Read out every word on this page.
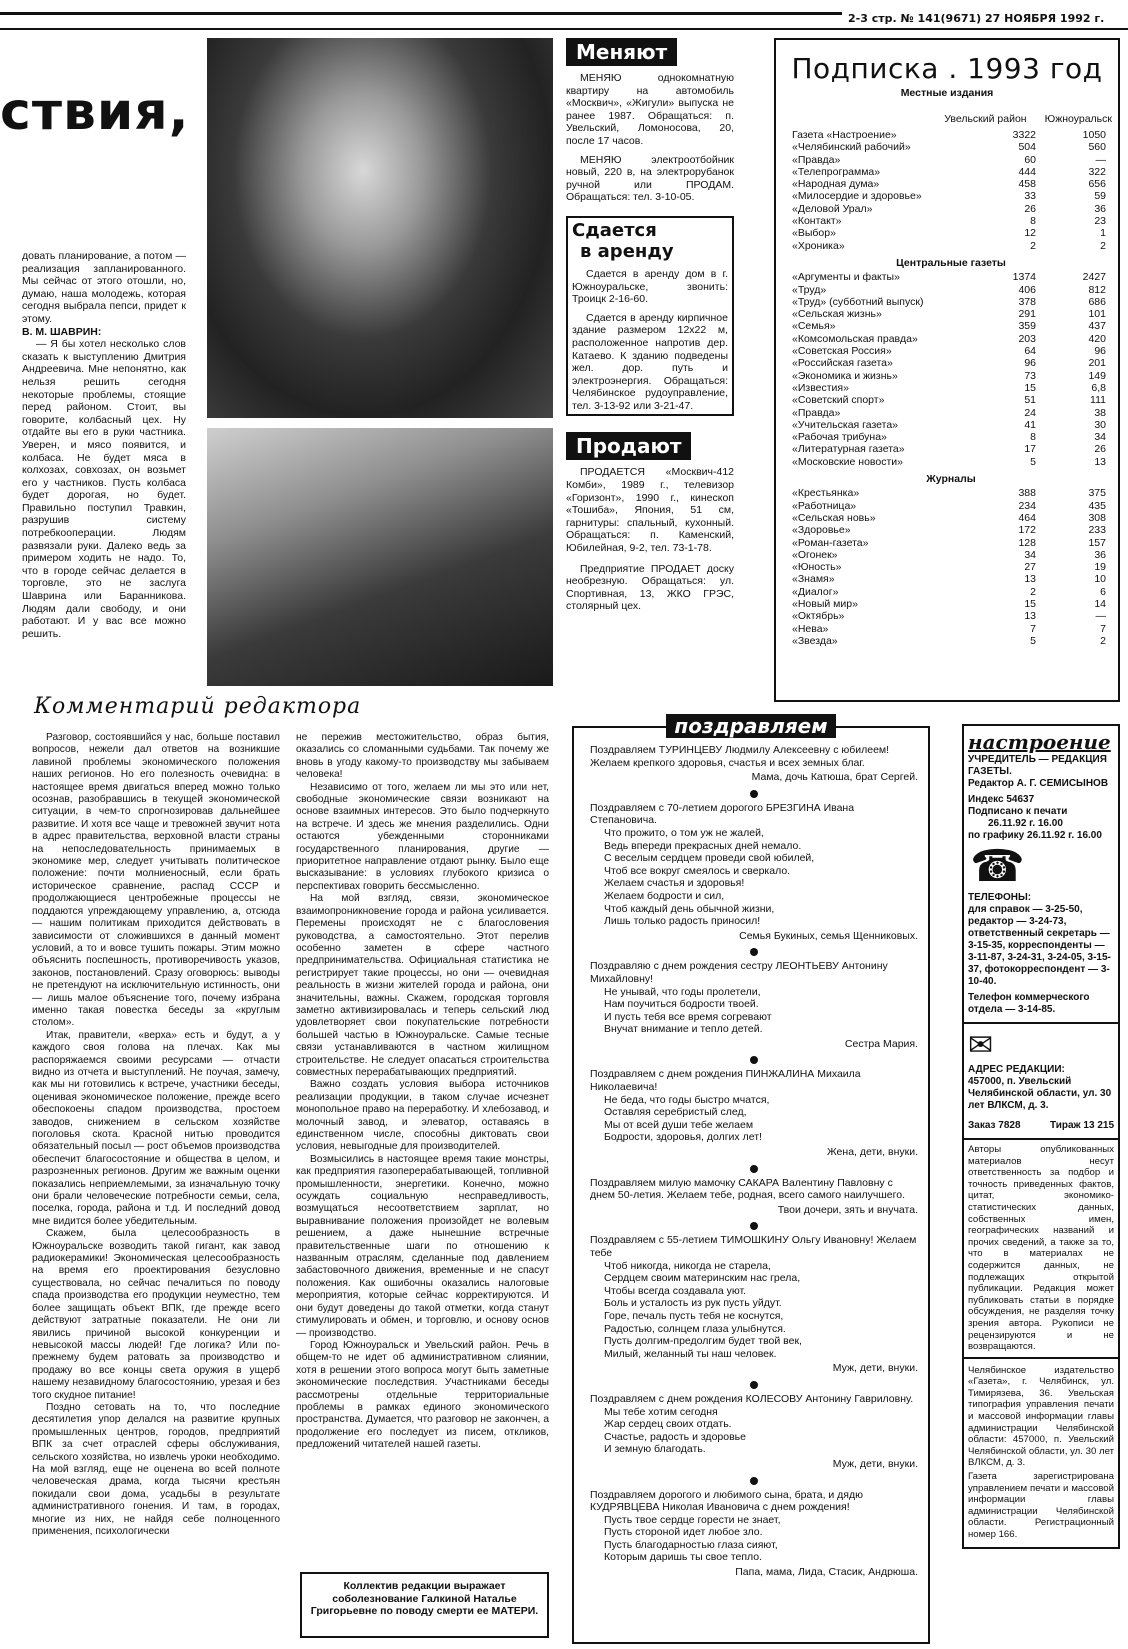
2-3 стр. № 141(9671) 27 НОЯБРЯ 1992 г.
ствия,

довать планирование, а потом — реализация запланированного. Мы сейчас от этого отошли, но, думаю, наша молодежь, которая сегодня выбрала пепси, придет к этому.

В. М. ШАВРИН:

— Я бы хотел несколько слов сказать к выступлению Дмитрия Андреевича. Мне непонятно, как нельзя решить сегодня некоторые проблемы, стоящие перед районом. Стоит, вы говорите, колбасный цех. Ну отдайте вы его в руки частника. Уверен, и мясо появится, и колбаса. Не будет мяса в колхозах, совхозах, он возьмет его у частников. Пусть колбаса будет дорогая, но будет. Правильно поступил Травкин, разрушив систему потребкооперации. Людям развязали руки. Далеко ведь за примером ходить не надо. То, что в городе сейчас делается в торговле, это не заслуга Шаврина или Баранникова. Людям дали свободу, и они работают. И у вас все можно решить.

Комментарий редактора

Разговор, состоявшийся у нас, больше поставил вопросов, нежели дал ответов на возникшие лавиной проблемы экономического положения наших регионов. Но его полезность очевидна: в настоящее время двигаться вперед можно только осознав, разобравшись в текущей экономической ситуации, в чем-то спрогнозировав дальнейшее развитие. И хотя все чаще и тревожней звучит нота в адрес правительства, верховной власти страны на непоследовательность принимаемых в экономике мер, следует учитывать политическое положение: почти молниеносный, если брать историческое сравнение, распад СССР и продолжающиеся центробежные процессы не поддаются упреждающему управлению, а, отсюда — нашим политикам приходится действовать в зависимости от сложившихся в данный момент условий, а то и вовсе тушить пожары. Этим можно объяснить поспешность, противоречивость указов, законов, постановлений. Сразу оговорюсь: выводы не претендуют на исключительную истинность, они — лишь малое объяснение того, почему избрана именно такая повестка беседы за «круглым столом».

Итак, правители, «верха» есть и будут, а у каждого своя голова на плечах. Как мы распоряжаемся своими ресурсами — отчасти видно из отчета и выступлений. Не поучая, замечу, как мы ни готовились к встрече, участники беседы, оценивая экономическое положение, прежде всего обеспокоены спадом производства, простоем заводов, снижением в сельском хозяйстве поголовья скота. Красной нитью проводится обязательный посыл — рост объемов производства обеспечит благосостояние и общества в целом, и разрозненных регионов. Другим же важным оценки показались неприемлемыми, за изначальную точку они брали человеческие потребности семьи, села, поселка, города, района и т.д. И последний довод мне видится более убедительным.

Скажем, была целесообразность в Южноуральске возводить такой гигант, как завод радиокерамики! Экономическая целесообразность на время его проектирования безусловно существовала, но сейчас печалиться по поводу спада производства его продукции неуместно, тем более защищать объект ВПК, где прежде всего действуют затратные показатели. Не они ли явились причиной высокой конкуренции и невысокой массы людей! Где логика? Или по-прежнему будем ратовать за производство и продажу во все концы света оружия в ущерб нашему незавидному благосостоянию, урезая и без того скудное питание!

Поздно сетовать на то, что последние десятилетия упор делался на развитие крупных промышленных центров, городов, предприятий ВПК за счет отраслей сферы обслуживания, сельского хозяйства, но извлечь уроки необходимо. На мой взгляд, еще не оценена во всей полноте человеческая драма, когда тысячи крестьян покидали свои дома, усадьбы в результате административного гонения. И там, в городах, многие из них, не найдя себе полноценного применения, психологически

не пережив местожительство, образ бытия, оказались со сломанными судьбами. Так почему же вновь в угоду какому-то производству мы забываем человека!

Независимо от того, желаем ли мы это или нет, свободные экономические связи возникают на основе взаимных интересов. Это было подчеркнуто на встрече. И здесь же мнения разделились. Одни остаются убежденными сторонниками государственного планирования, другие — приоритетное направление отдают рынку. Было еще высказывание: в условиях глубокого кризиса о перспективах говорить бессмысленно.

На мой взгляд, связи, экономическое взаимопроникновение города и района усиливается. Перемены происходят не с благословения руководства, а самостоятельно. Этот перелив особенно заметен в сфере частного предпринимательства. Официальная статистика не регистрирует такие процессы, но они — очевидная реальность в жизни жителей города и района, они значительны, важны. Скажем, городская торговля заметно активизировалась и теперь сельский люд удовлетворяет свои покупательские потребности большей частью в Южноуральске. Самые тесные связи устанавливаются в частном жилищном строительстве. Не следует опасаться строительства совместных перерабатывающих предприятий.

Важно создать условия выбора источников реализации продукции, в таком случае исчезнет монопольное право на переработку. И хлебозавод, и молочный завод, и элеватор, оставаясь в единственном числе, способны диктовать свои условия, невыгодные для производителей.

Возмысились в настоящее время такие монстры, как предприятия газоперерабатывающей, топливной промышленности, энергетики. Конечно, можно осуждать социальную несправедливость, возмущаться несоответствием зарплат, но выравнивание положения произойдет не волевым решением, а даже нынешние встречные правительственные шаги по отношению к названным отраслям, сделанные под давлением забастовочного движения, временные и не спасут положения. Как ошибочны оказались налоговые мероприятия, которые сейчас корректируются. И они будут доведены до такой отметки, когда станут стимулировать и обмен, и торговлю, и основу основ — производство.

Город Южноуральск и Увельский район. Речь в общем-то не идет об административном слиянии, хотя в решении этого вопроса могут быть заметные экономические последствия. Участниками беседы рассмотрены отдельные территориальные проблемы в рамках единого экономического пространства. Думается, что разговор не закончен, а продолжение его последует из писем, откликов, предложений читателей нашей газеты.

Коллектив редакции выражает соболезнование Галкиной Наталье Григорьевне по поводу смерти ее МАТЕРИ.
Меняют

МЕНЯЮ однокомнатную квартиру на автомобиль «Москвич», «Жигули» выпуска не ранее 1987. Обращаться: п. Увельский, Ломоносова, 20, после 17 часов.

МЕНЯЮ электроотбойник новый, 220 в, на электрорубанок ручной или ПРОДАМ. Обращаться: тел. 3-10-05.

Сдается
в аренду

Сдается в аренду дом в г. Южноуральске, звонить: Троицк 2-16-60.

Сдается в аренду кирпичное здание размером 12х22 м, расположенное напротив дер. Катаево. К зданию подведены жел. дор. путь и электроэнергия. Обращаться: Челябинское рудоуправление, тел. 3-13-92 или 3-21-47.

Продают

ПРОДАЕТСЯ «Москвич-412 Комби», 1989 г., телевизор «Горизонт», 1990 г., кинескоп «Тошиба», Япония, 51 см, гарнитуры: спальный, кухонный. Обращаться: п. Каменский, Юбилейная, 9-2, тел. 73-1-78.

Предприятие ПРОДАЕТ доску необрезную. Обращаться: ул. Спортивная, 13, ЖКО ГРЭС, столярный цех.

Подписка . 1993 год
Местные издания
Увельский район Южноуральск
Газета «Настроение»	3322	1050
«Челябинский рабочий»	504	560
«Правда»	60	—
«Телепрограмма»	444	322
«Народная дума»	458	656
«Милосердие и здоровье»	33	59
«Деловой Урал»	26	36
«Контакт»	8	23
«Выбор»	12	1
«Хроника»	2	2
Центральные газеты		
«Аргументы и факты»	1374	2427
«Труд»	406	812
«Труд» (субботний выпуск)	378	686
«Сельская жизнь»	291	101
«Семья»	359	437
«Комсомольская правда»	203	420
«Советская Россия»	64	96
«Российская газета»	96	201
«Экономика и жизнь»	73	149
«Известия»	15	6,8
«Советский спорт»	51	111
«Правда»	24	38
«Учительская газета»	41	30
«Рабочая трибуна»	8	34
«Литературная газета»	17	26
«Московские новости»	5	13
Журналы		
«Крестьянка»	388	375
«Работница»	234	435
«Сельская новь»	464	308
«Здоровье»	172	233
«Роман-газета»	128	157
«Огонек»	34	36
«Юность»	27	19
«Знамя»	13	10
«Диалог»	2	6
«Новый мир»	15	14
«Октябрь»	13	—
«Нева»	7	7
«Звезда»	5	2
поздравляем

Поздравляем ТУРИНЦЕВУ Людмилу Алексеевну с юбилеем! Желаем крепкого здоровья, счастья и всех земных благ.

Мама, дочь Катюша, брат Сергей.

Поздравляем с 70-летием дорогого БРЕЗГИНА Ивана Степановича.

Что прожито, о том уж не жалей,

Ведь впереди прекрасных дней немало.

С веселым сердцем проведи свой юбилей,

Чтоб все вокруг смеялось и сверкало.

Желаем счастья и здоровья!

Желаем бодрости и сил,

Чтоб каждый день обычной жизни,

Лишь только радость приносил!

Семья Букиных, семья Щенниковых.

Поздравляю с днем рождения сестру ЛЕОНТЬЕВУ Антонину Михайловну!

Не унывай, что годы пролетели,

Нам поучиться бодрости твоей.

И пусть тебя все время согревают

Внучат внимание и тепло детей.

Сестра Мария.

Поздравляем с днем рождения ПИНЖАЛИНА Михаила Николаевича!

Не беда, что годы быстро мчатся,

Оставляя серебристый след,

Мы от всей души тебе желаем

Бодрости, здоровья, долгих лет!

Жена, дети, внуки.

Поздравляем милую мамочку САКАРА Валентину Павловну с днем 50-летия. Желаем тебе, родная, всего самого наилучшего.

Твои дочери, зять и внучата.

Поздравляем с 55-летием ТИМОШКИНУ Ольгу Ивановну! Желаем тебе

Чтоб никогда, никогда не старела,

Сердцем своим материнским нас грела,

Чтобы всегда создавала уют.

Боль и усталость из рук пусть уйдут.

Горе, печаль пусть тебя не коснутся,

Радостью, солнцем глаза улыбнутся.

Пусть долгим-предолгим будет твой век,

Милый, желанный ты наш человек.

Муж, дети, внуки.

Поздравляем с днем рождения КОЛЕСОВУ Антонину Гавриловну.

Мы тебе хотим сегодня

Жар сердец своих отдать.

Счастье, радость и здоровье

И земную благодать.

Муж, дети, внуки.

Поздравляем дорогого и любимого сына, брата, и дядю КУДРЯВЦЕВА Николая Ивановича с днем рождения!

Пусть твое сердце горести не знает,

Пусть стороной идет любое зло.

Пусть благодарностью глаза сияют,

Которым даришь ты свое тепло.

Папа, мама, Лида, Стасик, Андрюша.

настроение
УЧРЕДИТЕЛЬ — РЕДАКЦИЯ ГАЗЕТЫ.
Редактор А. Г. СЕМИСЫНОВ
Индекс 54637
Подписано к печати
26.11.92 г. 16.00
по графику 26.11.92 г. 16.00
☎
ТЕЛЕФОНЫ:
для справок — 3-25-50, редактор — 3-24-73, ответственный секретарь — 3-15-35, корреспонденты — 3-11-87, 3-24-31, 3-24-05, 3-15-37, фотокорреспондент — 3-10-40.
Телефон коммерческого отдела — 3-14-85.
✉
АДРЕС РЕДАКЦИИ:
457000, п. Увельский Челябинской области, ул. 30 лет ВЛКСМ, д. 3.
Заказ 7828	Тираж 13 215
Авторы опубликованных материалов несут ответственность за подбор и точность приведенных фактов, цитат, экономико-статистических данных, собственных имен, географических названий и прочих сведений, а также за то, что в материалах не содержится данных, не подлежащих открытой публикации. Редакция может публиковать статьи в порядке обсуждения, не разделяя точку зрения автора. Рукописи не рецензируются и не возвращаются.
Челябинское издательство «Газета», г. Челябинск, ул. Тимирязева, 36. Увельская типография управления печати и массовой информации главы администрации Челябинской области: 457000, п. Увельский Челябинской области, ул. 30 лет ВЛКСМ, д. 3.
Газета зарегистрирована управлением печати и массовой информации главы администрации Челябинской области. Регистрационный номер 166.
